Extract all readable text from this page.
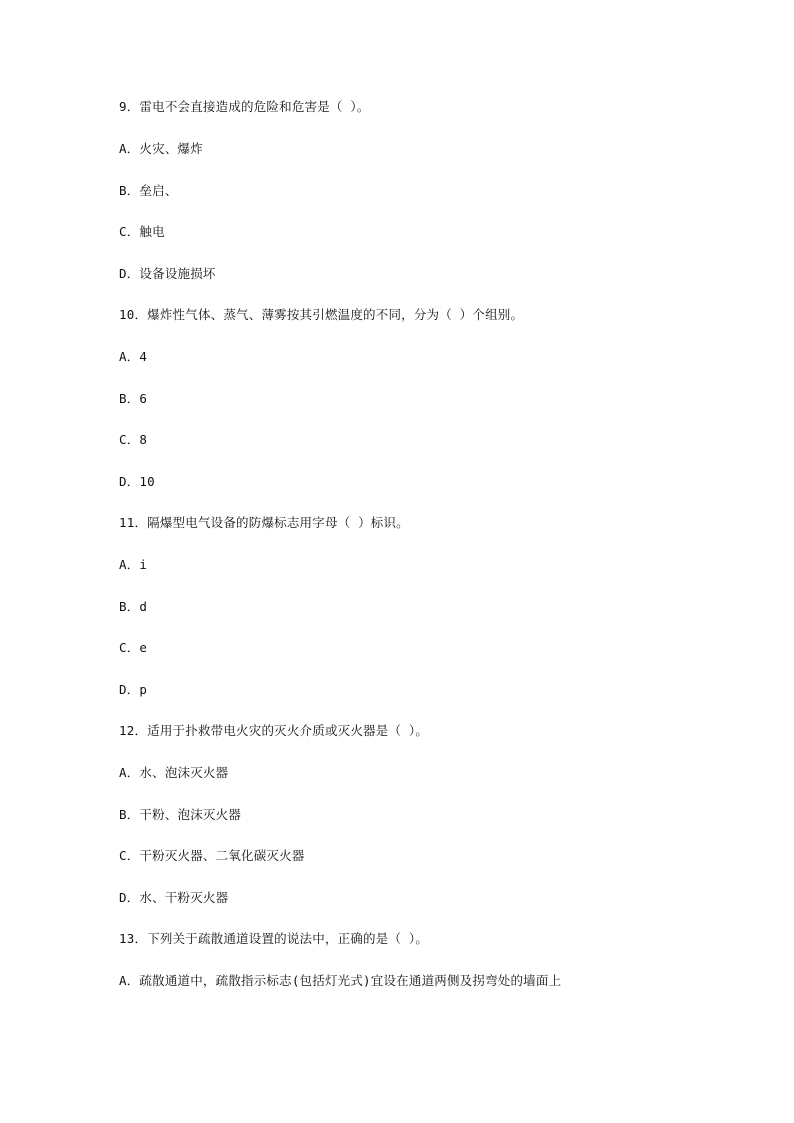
9．雷电不会直接造成的危险和危害是（ ）。
A．火灾、爆炸
B．垒启、
C．触电
D．设备设施损坏
10．爆炸性气体、蒸气、薄雾按其引燃温度的不同，分为（ ）个组别。
A．4
B．6
C．8
D．10
11．隔爆型电气设备的防爆标志用字母（ ）标识。
A．i
B．d
C．e
D．p
12．适用于扑救带电火灾的灭火介质或灭火器是（ ）。
A．水、泡沫灭火器
B．干粉、泡沫灭火器
C．干粉灭火器、二氧化碳灭火器
D．水、干粉灭火器
13．下列关于疏散通道设置的说法中，正确的是（ ）。
A．疏散通道中，疏散指示标志(包括灯光式)宜设在通道两侧及拐弯处的墙面上
